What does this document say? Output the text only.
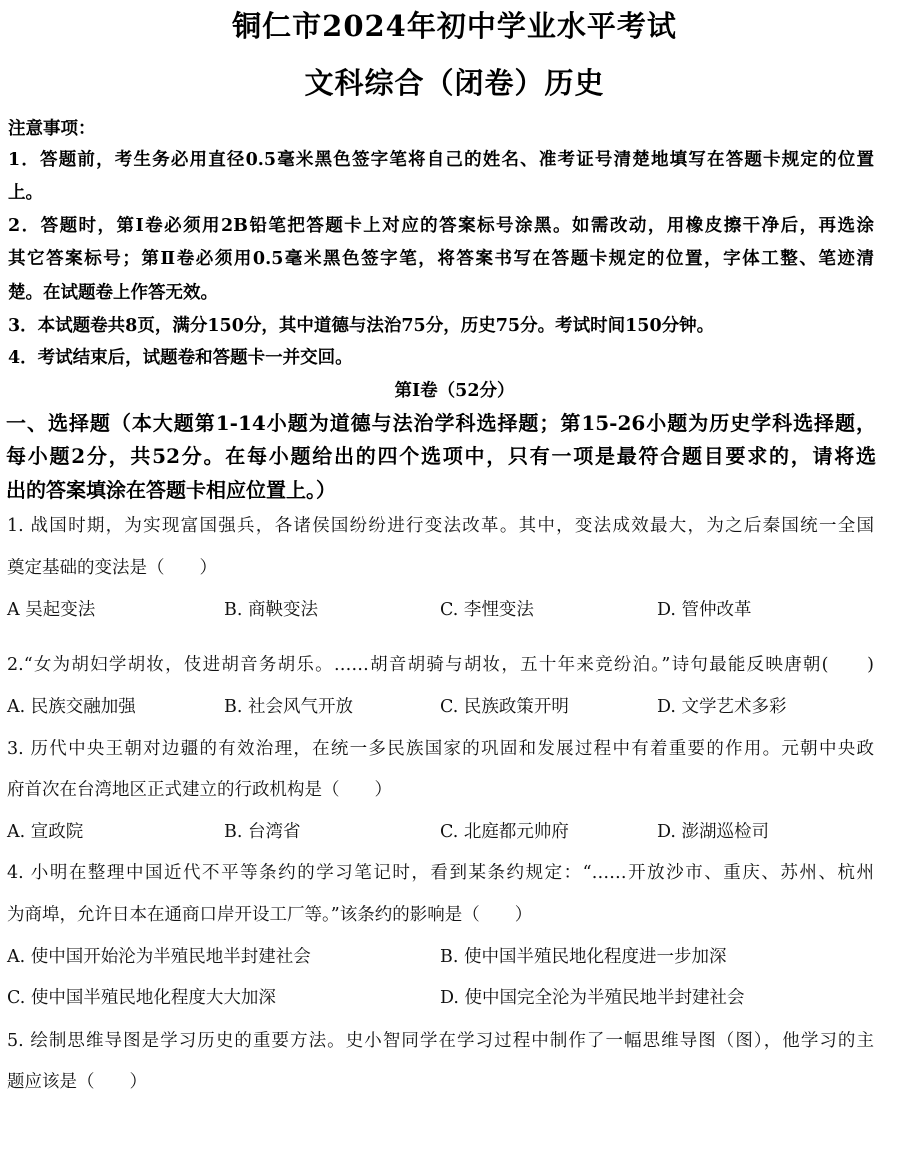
铜仁市2024年初中学业水平考试
文科综合（闭卷）历史
注意事项：
1．答题前，考生务必用直径0.5毫米黑色签字笔将自己的姓名、准考证号清楚地填写在答题卡规定的位置
上。
2．答题时，第Ⅰ卷必须用2B铅笔把答题卡上对应的答案标号涂黑。如需改动，用橡皮擦干净后，再选涂
其它答案标号；第Ⅱ卷必须用0.5毫米黑色签字笔，将答案书写在答题卡规定的位置，字体工整、笔迹清
楚。在试题卷上作答无效。
3．本试题卷共8页，满分150分，其中道德与法治75分，历史75分。考试时间150分钟。
4．考试结束后，试题卷和答题卡一并交回。
第Ⅰ卷（52分）
一、选择题（本大题第1-14小题为道德与法治学科选择题；第15-26小题为历史学科选择题，
每小题2分，共52分。在每小题给出的四个选项中，只有一项是最符合题目要求的，请将选
出的答案填涂在答题卡相应位置上。）
1. 战国时期，为实现富国强兵，各诸侯国纷纷进行变法改革。其中，变法成效最大，为之后秦国统一全国
奠定基础的变法是（　　）
A 吴起变法	B. 商鞅变法	C. 李悝变法	D. 管仲改革
2.“女为胡妇学胡妆，伎进胡音务胡乐。……胡音胡骑与胡妆，五十年来竞纷泊。”诗句最能反映唐朝(　　)
A. 民族交融加强	B. 社会风气开放	C. 民族政策开明	D. 文学艺术多彩
3. 历代中央王朝对边疆的有效治理，在统一多民族国家的巩固和发展过程中有着重要的作用。元朝中央政
府首次在台湾地区正式建立的行政机构是（　　）
A. 宣政院	B. 台湾省	C. 北庭都元帅府	D. 澎湖巡检司
4. 小明在整理中国近代不平等条约的学习笔记时，看到某条约规定：“……开放沙市、重庆、苏州、杭州
为商埠，允许日本在通商口岸开设工厂等。”该条约的影响是（　　）
A. 使中国开始沦为半殖民地半封建社会	B. 使中国半殖民地化程度进一步加深
C. 使中国半殖民地化程度大大加深	D. 使中国完全沦为半殖民地半封建社会
5. 绘制思维导图是学习历史的重要方法。史小智同学在学习过程中制作了一幅思维导图（图），他学习的主
题应该是（　　）
